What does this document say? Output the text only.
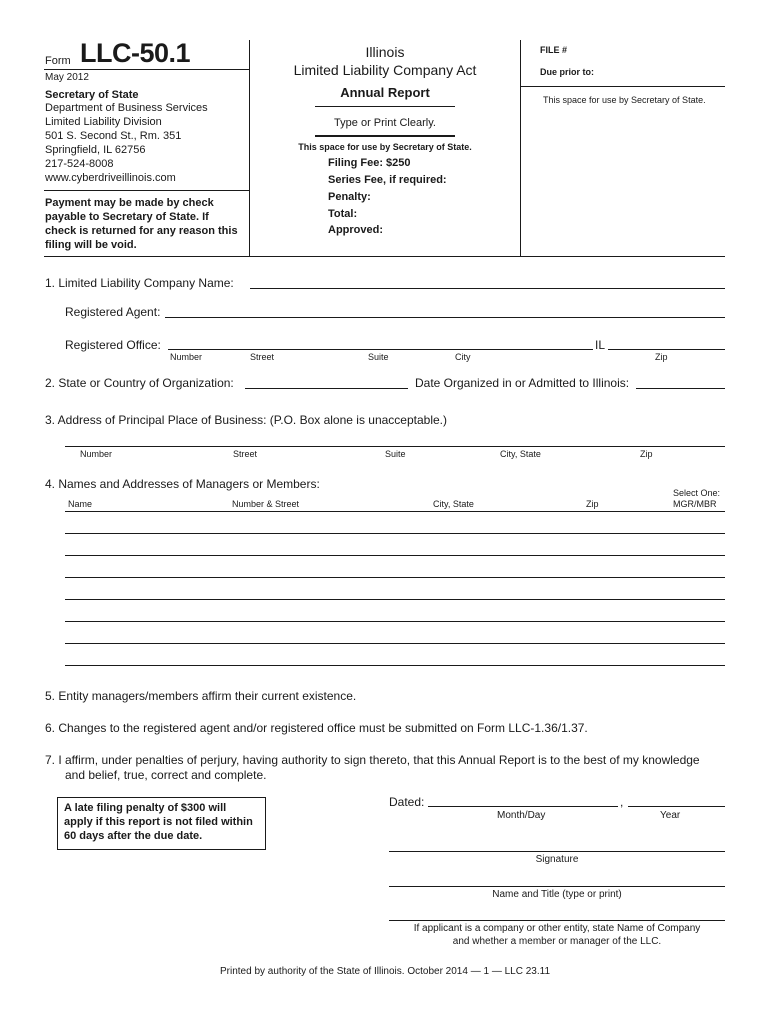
Form LLC-50.1
May 2012
Secretary of State
Department of Business Services
Limited Liability Division
501 S. Second St., Rm. 351
Springfield, IL 62756
217-524-8008
www.cyberdriveillinois.com
Payment may be made by check
payable to Secretary of State. If
check is returned for any reason this
filing will be void.
Illinois
Limited Liability Company Act
Annual Report
Type or Print Clearly.
This space for use by Secretary of State.
Filing Fee: $250
Series Fee, if required:
Penalty:
Total:
Approved:
FILE #
Due prior to:
This space for use by Secretary of State.
1. Limited Liability Company Name:
Registered Agent:
Registered Office:	IL
Number	Street	Suite	City	Zip
2. State or Country of Organization:	Date Organized in or Admitted to Illinois:
3. Address of Principal Place of Business: (P.O. Box alone is unacceptable.)
Number	Street	Suite	City, State	Zip
4. Names and Addresses of Managers or Members:
Select One:
Name	Number & Street	City, State	Zip	MGR/MBR
5. Entity managers/members affirm their current existence.
6. Changes to the registered agent and/or registered office must be submitted on Form LLC-1.36/1.37.
7. I affirm, under penalties of perjury, having authority to sign thereto, that this Annual Report is to the best of my knowledge
and belief, true, correct and complete.
A late filing penalty of $300 will
apply if this report is not filed within
60 days after the due date.
Dated:	,
Month/Day	Year
Signature
Name and Title (type or print)
If applicant is a company or other entity, state Name of Company
and whether a member or manager of the LLC.
Printed by authority of the State of Illinois. October 2014 — 1 — LLC 23.11
